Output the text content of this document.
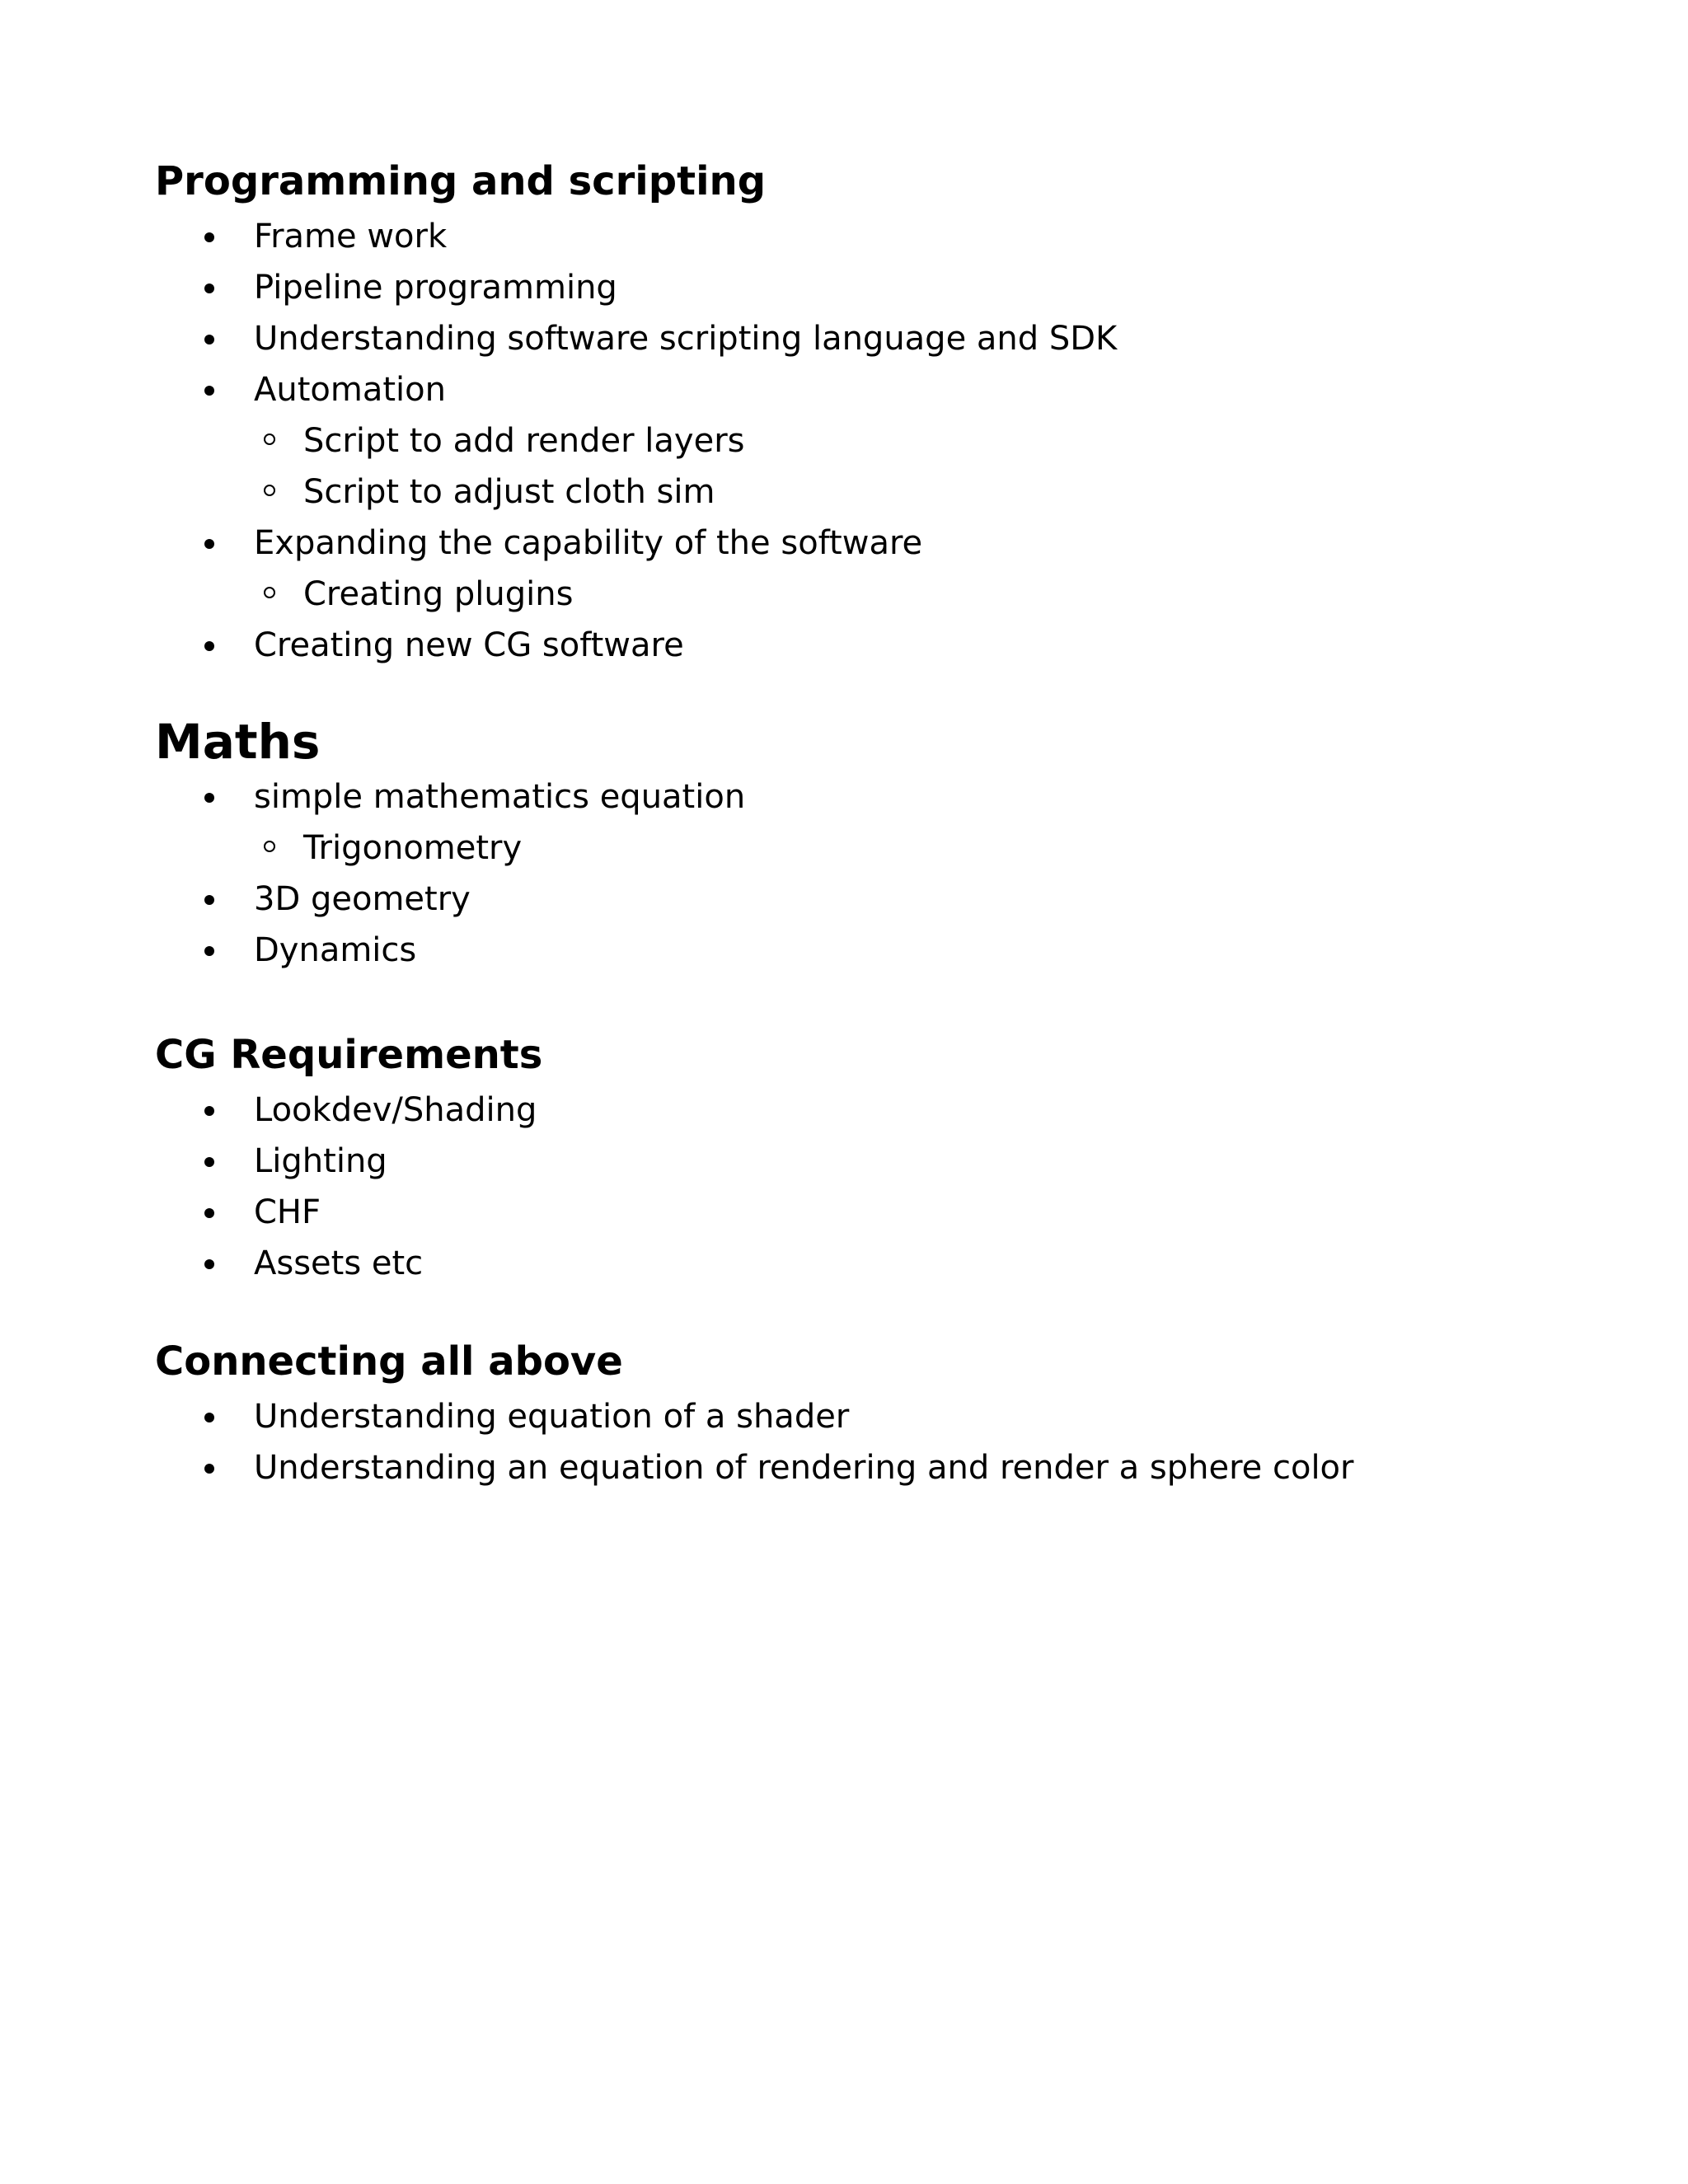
Programming and scripting
Frame work
Pipeline programming
Understanding software scripting language and SDK
Automation
Script to add render layers
Script to adjust cloth sim
Expanding the capability of the software
Creating plugins
Creating new CG software
Maths
simple mathematics equation
Trigonometry
3D geometry
Dynamics
CG Requirements
Lookdev/Shading
Lighting
CHF
Assets etc
Connecting all above
Understanding equation of a shader
Understanding an equation of rendering and render a sphere color
